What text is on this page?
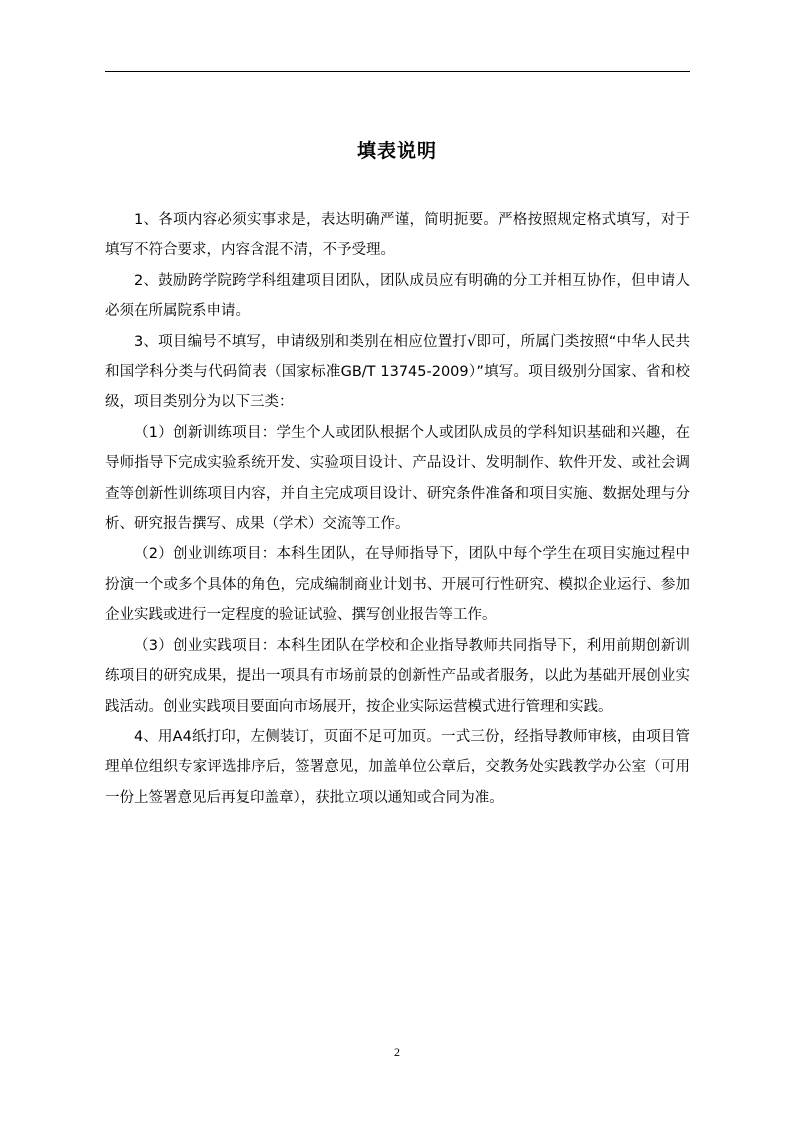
填表说明

1、各项内容必须实事求是，表达明确严谨，简明扼要。严格按照规定格式填写，对于填写不符合要求，内容含混不清，不予受理。

2、鼓励跨学院跨学科组建项目团队，团队成员应有明确的分工并相互协作，但申请人必须在所属院系申请。

3、项目编号不填写，申请级别和类别在相应位置打√即可，所属门类按照“中华人民共和国学科分类与代码简表（国家标准GB/T 13745-2009）”填写。项目级别分国家、省和校级，项目类别分为以下三类：

（1）创新训练项目：学生个人或团队根据个人或团队成员的学科知识基础和兴趣，在导师指导下完成实验系统开发、实验项目设计、产品设计、发明制作、软件开发、或社会调查等创新性训练项目内容，并自主完成项目设计、研究条件准备和项目实施、数据处理与分析、研究报告撰写、成果（学术）交流等工作。

（2）创业训练项目：本科生团队，在导师指导下，团队中每个学生在项目实施过程中扮演一个或多个具体的角色，完成编制商业计划书、开展可行性研究、模拟企业运行、参加企业实践或进行一定程度的验证试验、撰写创业报告等工作。

（3）创业实践项目：本科生团队在学校和企业指导教师共同指导下，利用前期创新训练项目的研究成果，提出一项具有市场前景的创新性产品或者服务，以此为基础开展创业实践活动。创业实践项目要面向市场展开，按企业实际运营模式进行管理和实践。

4、用A4纸打印，左侧装订，页面不足可加页。一式三份，经指导教师审核，由项目管理单位组织专家评选排序后，签署意见，加盖单位公章后，交教务处实践教学办公室（可用一份上签署意见后再复印盖章），获批立项以通知或合同为准。

2
